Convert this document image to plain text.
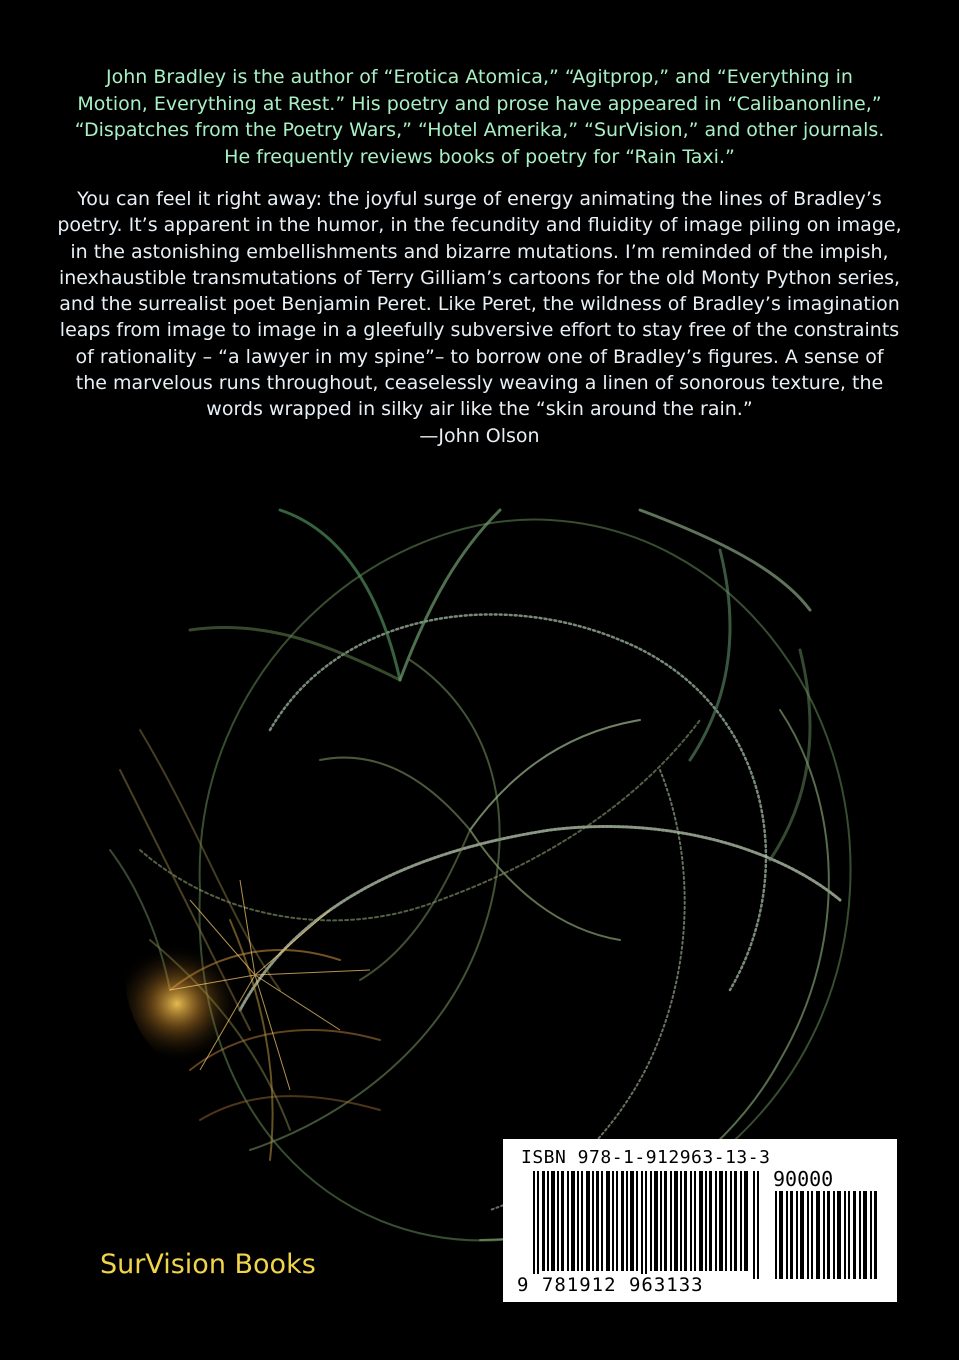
John Bradley is the author of “Erotica Atomica,” “Agitprop,” and “Everything in
Motion, Everything at Rest.” His poetry and prose have appeared in “Calibanonline,”
“Dispatches from the Poetry Wars,” “Hotel Amerika,” “SurVision,” and other journals.
He frequently reviews books of poetry for “Rain Taxi.”
You can feel it right away: the joyful surge of energy animating the lines of Bradley’s
poetry. It’s apparent in the humor, in the fecundity and fluidity of image piling on image,
in the astonishing embellishments and bizarre mutations. I’m reminded of the impish,
inexhaustible transmutations of Terry Gilliam’s cartoons for the old Monty Python series,
and the surrealist poet Benjamin Peret. Like Peret, the wildness of Bradley’s imagination
leaps from image to image in a gleefully subversive effort to stay free of the constraints
of rationality – “a lawyer in my spine”– to borrow one of Bradley’s figures. A sense of
the marvelous runs throughout, ceaselessly weaving a linen of sonorous texture, the
words wrapped in silky air like the “skin around the rain.”
—John Olson
SurVision Books
ISBN 978-1-912963-13-3
90000
9 781912 963133
